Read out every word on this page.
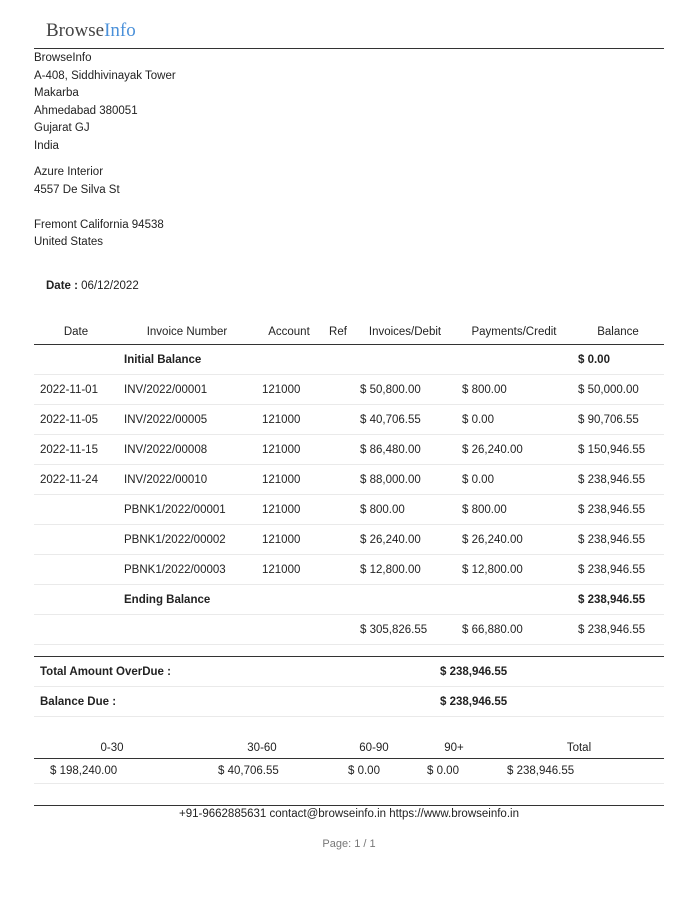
BrowseInfo
BrowseInfo
A-408, Siddhivinayak Tower
Makarba
Ahmedabad 380051
Gujarat GJ
India
Azure Interior
4557 De Silva St
Fremont California 94538
United States
Date : 06/12/2022
Date	Invoice Number	Account	Ref	Invoices/Debit	Payments/Credit	Balance
	Initial Balance					$ 0.00
2022-11-01	INV/2022/00001	121000		$ 50,800.00	$ 800.00	$ 50,000.00
2022-11-05	INV/2022/00005	121000		$ 40,706.55	$ 0.00	$ 90,706.55
2022-11-15	INV/2022/00008	121000		$ 86,480.00	$ 26,240.00	$ 150,946.55
2022-11-24	INV/2022/00010	121000		$ 88,000.00	$ 0.00	$ 238,946.55
	PBNK1/2022/00001	121000		$ 800.00	$ 800.00	$ 238,946.55
	PBNK1/2022/00002	121000		$ 26,240.00	$ 26,240.00	$ 238,946.55
	PBNK1/2022/00003	121000		$ 12,800.00	$ 12,800.00	$ 238,946.55
	Ending Balance					$ 238,946.55
				$ 305,826.55	$ 66,880.00	$ 238,946.55
Total Amount OverDue :	$ 238,946.55
Balance Due :	$ 238,946.55
0-30	30-60	60-90	90+	Total
$ 198,240.00	$ 40,706.55	$ 0.00	$ 0.00	$ 238,946.55
+91-9662885631 contact@browseinfo.in https://www.browseinfo.in
Page: 1 / 1
